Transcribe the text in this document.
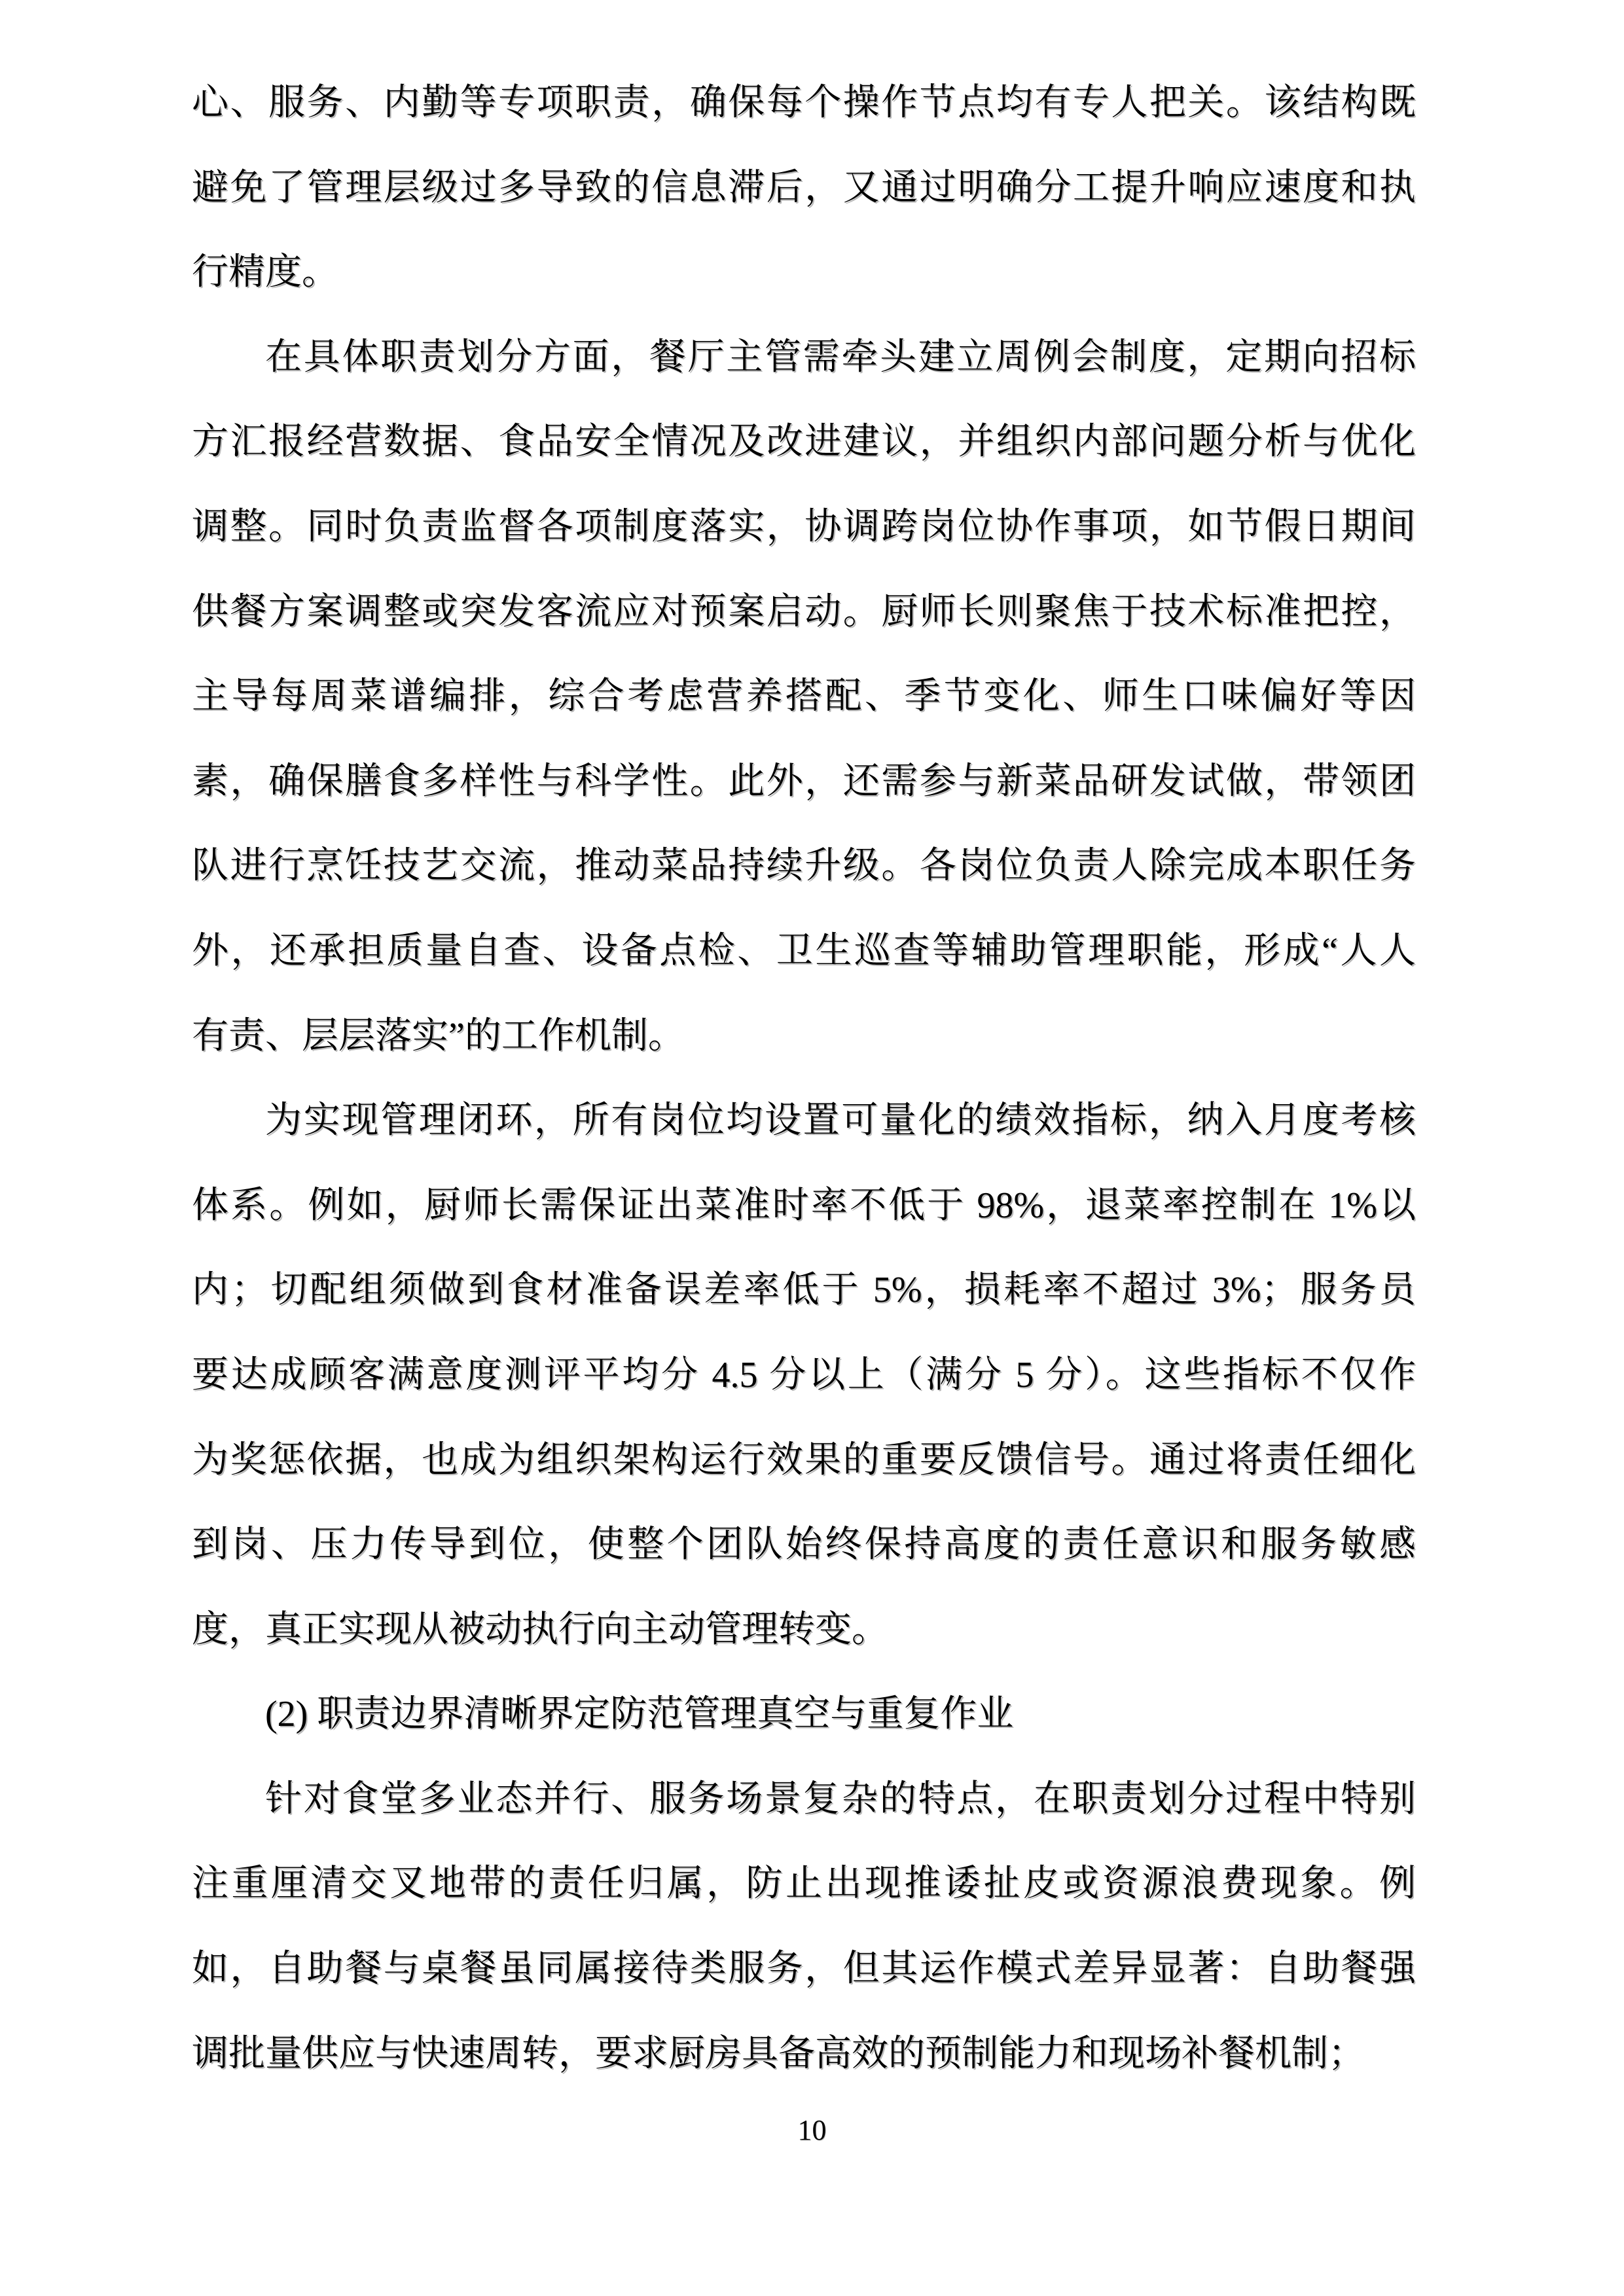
心、服务、内勤等专项职责，确保每个操作节点均有专人把关。该结构既
避免了管理层级过多导致的信息滞后，又通过明确分工提升响应速度和执
行精度。
在具体职责划分方面，餐厅主管需牵头建立周例会制度，定期向招标
方汇报经营数据、食品安全情况及改进建议，并组织内部问题分析与优化
调整。同时负责监督各项制度落实，协调跨岗位协作事项，如节假日期间
供餐方案调整或突发客流应对预案启动。厨师长则聚焦于技术标准把控，
主导每周菜谱编排，综合考虑营养搭配、季节变化、师生口味偏好等因
素，确保膳食多样性与科学性。此外，还需参与新菜品研发试做，带领团
队进行烹饪技艺交流，推动菜品持续升级。各岗位负责人除完成本职任务
外，还承担质量自查、设备点检、卫生巡查等辅助管理职能，形成“人人
有责、层层落实”的工作机制。
为实现管理闭环，所有岗位均设置可量化的绩效指标，纳入月度考核
体系。例如，厨师长需保证出菜准时率不低于 98%，退菜率控制在 1%以
内；切配组须做到食材准备误差率低于 5%，损耗率不超过 3%；服务员
要达成顾客满意度测评平均分 4.5 分以上（满分 5 分）。这些指标不仅作
为奖惩依据，也成为组织架构运行效果的重要反馈信号。通过将责任细化
到岗、压力传导到位，使整个团队始终保持高度的责任意识和服务敏感
度，真正实现从被动执行向主动管理转变。
(2) 职责边界清晰界定防范管理真空与重复作业
针对食堂多业态并行、服务场景复杂的特点，在职责划分过程中特别
注重厘清交叉地带的责任归属，防止出现推诿扯皮或资源浪费现象。例
如，自助餐与桌餐虽同属接待类服务，但其运作模式差异显著：自助餐强
调批量供应与快速周转，要求厨房具备高效的预制能力和现场补餐机制；
10
